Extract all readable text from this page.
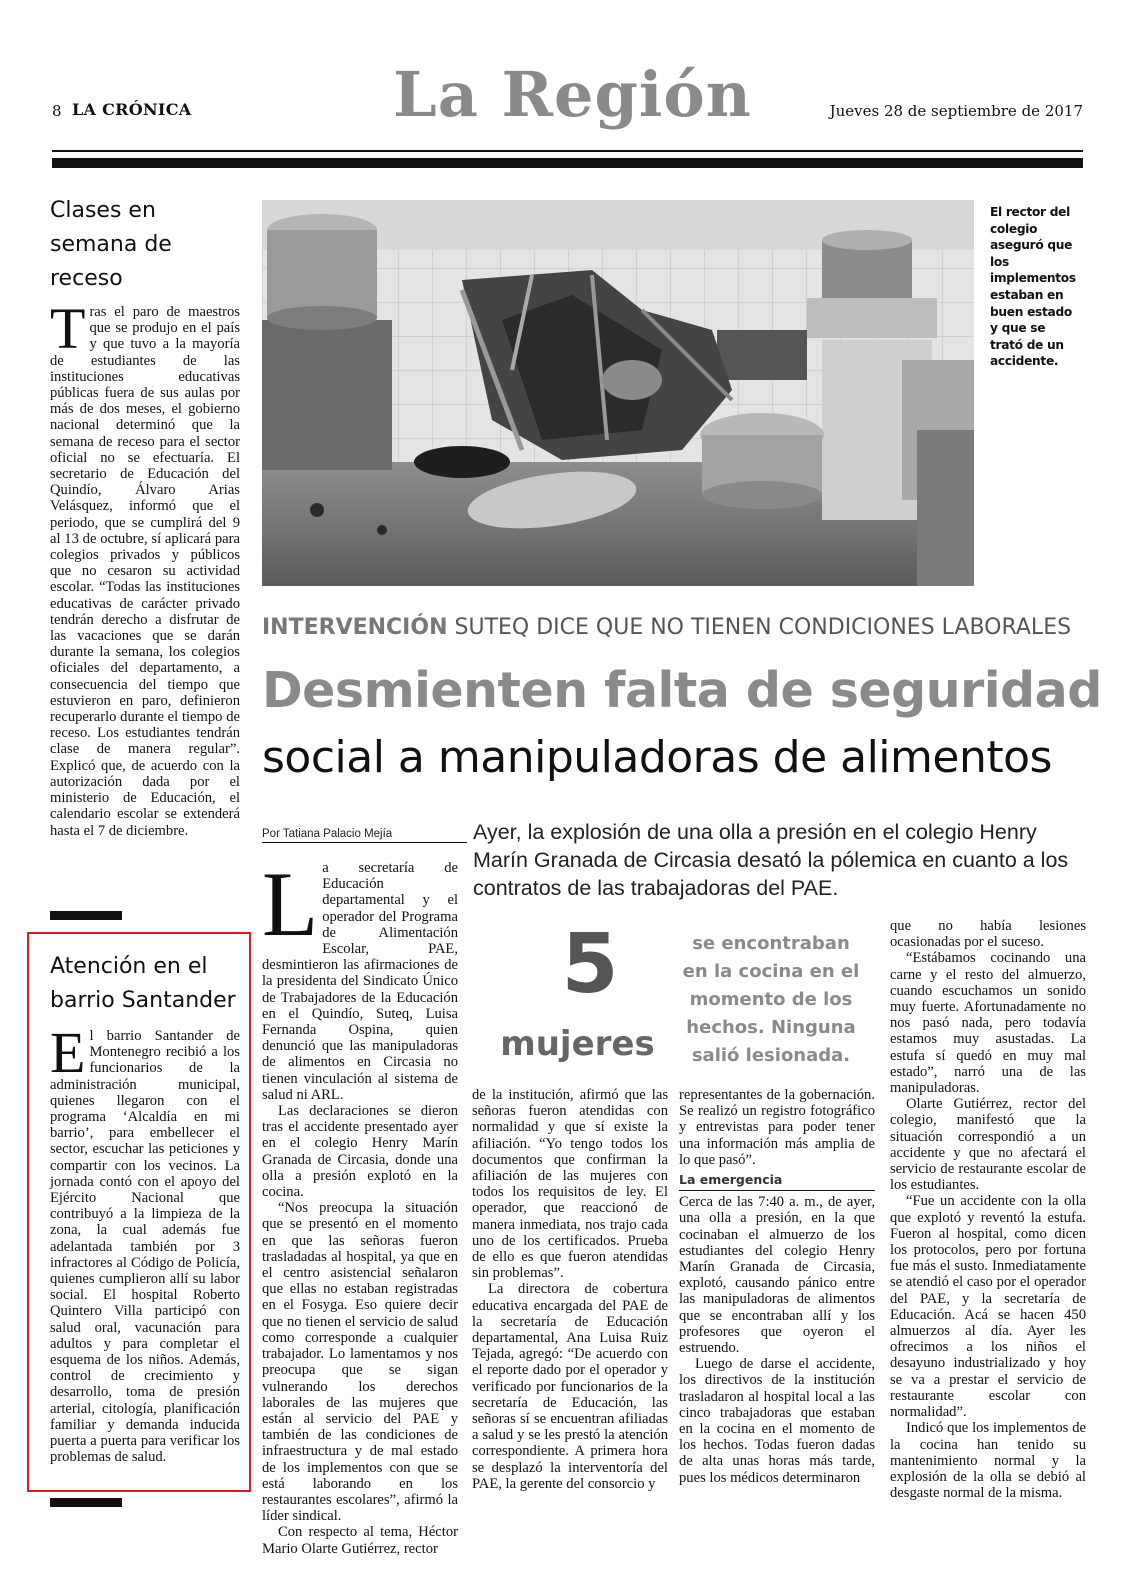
8 LA CRÓNICA	La Región	Jueves 28 de septiembre de 2017
Clases en semana de receso
Tras el paro de maestros que se produjo en el país y que tuvo a la mayoría de estudiantes de las instituciones educativas públicas fuera de sus aulas por más de dos meses, el gobierno nacional determinó que la semana de receso para el sector oficial no se efectuaría. El secretario de Educación del Quindío, Álvaro Arias Velásquez, informó que el periodo, que se cumplirá del 9 al 13 de octubre, sí aplicará para colegios privados y públicos que no cesaron su actividad escolar. “Todas las instituciones educativas de carácter privado tendrán derecho a disfrutar de las vacaciones que se darán durante la semana, los colegios oficiales del departamento, a consecuencia del tiempo que estuvieron en paro, definieron recuperarlo durante el tiempo de receso. Los estudiantes tendrán clase de manera regular”. Explicó que, de acuerdo con la autorización dada por el ministerio de Educación, el calendario escolar se extenderá hasta el 7 de diciembre.
Atención en el barrio Santander
El barrio Santander de Montenegro recibió a los funcionarios de la administración municipal, quienes llegaron con el programa ‘Alcaldía en mi barrio’, para embellecer el sector, escuchar las peticiones y compartir con los vecinos. La jornada contó con el apoyo del Ejército Nacional que contribuyó a la limpieza de la zona, la cual además fue adelantada también por 3 infractores al Código de Policía, quienes cumplieron allí su labor social. El hospital Roberto Quintero Villa participó con salud oral, vacunación para adultos y para completar el esquema de los niños. Además, control de crecimiento y desarrollo, toma de presión arterial, citología, planificación familiar y demanda inducida puerta a puerta para verificar los problemas de salud.
El rector del colegio aseguró que los implementos estaban en buen estado y que se trató de un accidente.
INTERVENCIÓN SUTEQ DICE QUE NO TIENEN CONDICIONES LABORALES
Desmienten falta de seguridad
social a manipuladoras de alimentos
Por Tatiana Palacio Mejía	Ayer, la explosión de una olla a presión en el colegio Henry Marín Granada de Circasia desató la pólemica en cuanto a los contratos de las trabajadoras del PAE.
5
mujeres
se encontraban en la cocina en el momento de los hechos. Ninguna salió lesionada.

La secretaría de Educación departamental y el operador del Programa de Alimentación Escolar, PAE, desmintieron las afirmaciones de la presidenta del Sindicato Único de Trabajadores de la Educación en el Quindío, Suteq, Luisa Fernanda Ospina, quien denunció que las manipuladoras de alimentos en Circasia no tienen vinculación al sistema de salud ni ARL.

Las declaraciones se dieron tras el accidente presentado ayer en el colegio Henry Marín Granada de Circasia, donde una olla a presión explotó en la cocina.

“Nos preocupa la situación que se presentó en el momento en que las señoras fueron trasladadas al hospital, ya que en el centro asistencial señalaron que ellas no estaban registradas en el Fosyga. Eso quiere decir que no tienen el servicio de salud como corresponde a cualquier trabajador. Lo lamentamos y nos preocupa que se sigan vulnerando los derechos laborales de las mujeres que están al servicio del PAE y también de las condiciones de infraestructura y de mal estado de los implementos con que se está laborando en los restaurantes escolares”, afirmó la líder sindical.

Con respecto al tema, Héctor Mario Olarte Gutiérrez, rector

de la institución, afirmó que las señoras fueron atendidas con normalidad y que sí existe la afiliación. “Yo tengo todos los documentos que confirman la afiliación de las mujeres con todos los requisitos de ley. El operador, que reaccionó de manera inmediata, nos trajo cada uno de los certificados. Prueba de ello es que fueron atendidas sin problemas”.

La directora de cobertura educativa encargada del PAE de la secretaría de Educación departamental, Ana Luisa Ruiz Tejada, agregó: “De acuerdo con el reporte dado por el operador y verificado por funcionarios de la secretaría de Educación, las señoras sí se encuentran afiliadas a salud y se les prestó la atención correspondiente. A primera hora se desplazó la interventoría del PAE, la gerente del consorcio y

representantes de la gobernación. Se realizó un registro fotográfico y entrevistas para poder tener una información más amplia de lo que pasó”.

La emergencia

Cerca de las 7:40 a. m., de ayer, una olla a presión, en la que cocinaban el almuerzo de los estudiantes del colegio Henry Marín Granada de Circasia, explotó, causando pánico entre las manipuladoras de alimentos que se encontraban allí y los profesores que oyeron el estruendo.

Luego de darse el accidente, los directivos de la institución trasladaron al hospital local a las cinco trabajadoras que estaban en la cocina en el momento de los hechos. Todas fueron dadas de alta unas horas más tarde, pues los médicos determinaron

que no había lesiones ocasionadas por el suceso.

“Estábamos cocinando una carne y el resto del almuerzo, cuando escuchamos un sonido muy fuerte. Afortunadamente no nos pasó nada, pero todavía estamos muy asustadas. La estufa sí quedó en muy mal estado”, narró una de las manipuladoras.

Olarte Gutiérrez, rector del colegio, manifestó que la situación correspondió a un accidente y que no afectará el servicio de restaurante escolar de los estudiantes.

“Fue un accidente con la olla que explotó y reventó la estufa. Fueron al hospital, como dicen los protocolos, pero por fortuna fue más el susto. Inmediatamente se atendió el caso por el operador del PAE, y la secretaría de Educación. Acá se hacen 450 almuerzos al día. Ayer les ofrecimos a los niños el desayuno industrializado y hoy se va a prestar el servicio de restaurante escolar con normalidad”.

Indicó que los implementos de la cocina han tenido su mantenimiento normal y la explosión de la olla se debió al desgaste normal de la misma.
